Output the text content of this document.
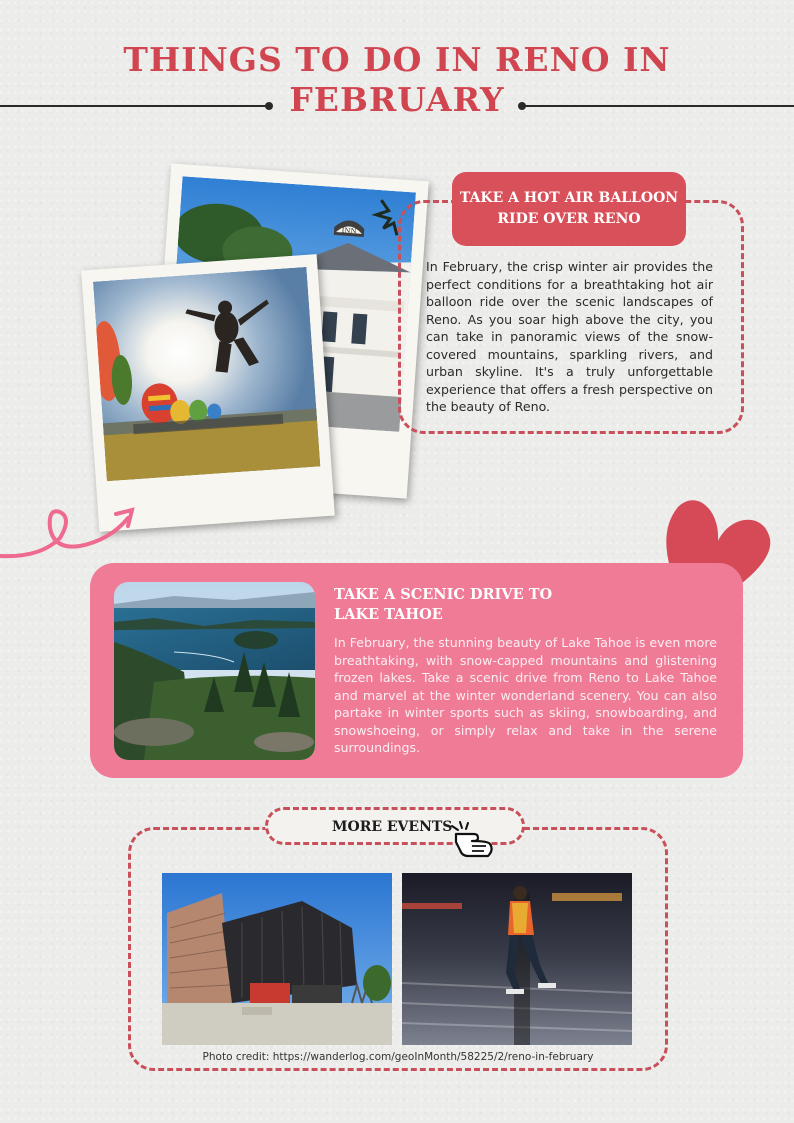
THINGS TO DO IN RENO IN
FEBRUARY
INN
TAKE A HOT AIR BALLOON RIDE OVER RENO
In February, the crisp winter air provides the perfect conditions for a breathtaking hot air balloon ride over the scenic landscapes of Reno. As you soar high above the city, you can take in panoramic views of the snow-covered mountains, sparkling rivers, and urban skyline. It's a truly unforgettable experience that offers a fresh perspective on the beauty of Reno.
TAKE A SCENIC DRIVE TO
LAKE TAHOE
In February, the stunning beauty of Lake Tahoe is even more breathtaking, with snow-capped mountains and glistening frozen lakes. Take a scenic drive from Reno to Lake Tahoe and marvel at the winter wonderland scenery. You can also partake in winter sports such as skiing, snowboarding, and snowshoeing, or simply relax and take in the serene surroundings.
MORE EVENTS
Photo credit: https://wanderlog.com/geoInMonth/58225/2/reno-in-february
